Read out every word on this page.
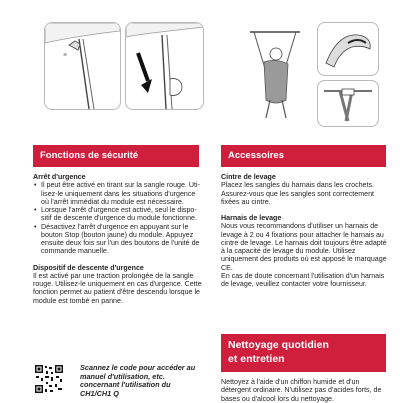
≋
Fonctions de sécurité	Accessoires

Arrêt d'urgence

• Il peut être activé en tirant sur la sangle rouge. Uti-lisez-le uniquement dans les situations d'urgence où l'arrêt immédiat du module est nécessaire.
• Lorsque l'arrêt d'urgence est activé, seul le dispo-sitif de descente d'urgence du module fonctionne.
• Désactivez l'arrêt d'urgence en appuyant sur le bouton Stop (bouton jaune) du module. Appuyez ensuite deux fois sur l'un des boutons de l'unité de commande manuelle.

Dispositif de descente d'urgence

Il est activé par une traction prolongée de la sangle rouge. Utilisez-le uniquement en cas d'urgence. Cette fonction permet au patient d'être descendu lorsque le module est tombé en panne.

Scannez le code pour accéder au manuel d'utilisation, etc. concernant l'utilisation du CH1/CH1 Q

Cintre de levage

Placez les sangles du harnais dans les crochets. Assurez-vous que les sangles sont correctement fixées au cintre.

Harnais de levage

Nous vous recommandons d'utiliser un harnais de levage à 2 ou 4 fixations pour attacher le harnais au cintre de levage. Le harnais doit toujours être adapté à la capacité de levage du module. Utilisez uniquement des produits où est apposé le marquage CE.

En cas de doute concernant l'utilisation d'un harnais de levage, veuillez contacter votre fournisseur.

Nettoyage quotidien
et entretien

Nettoyez à l'aide d'un chiffon humide et d'un détergent ordinaire. N'utilisez pas d'acides forts, de bases ou d'alcool lors du nettoyage.
